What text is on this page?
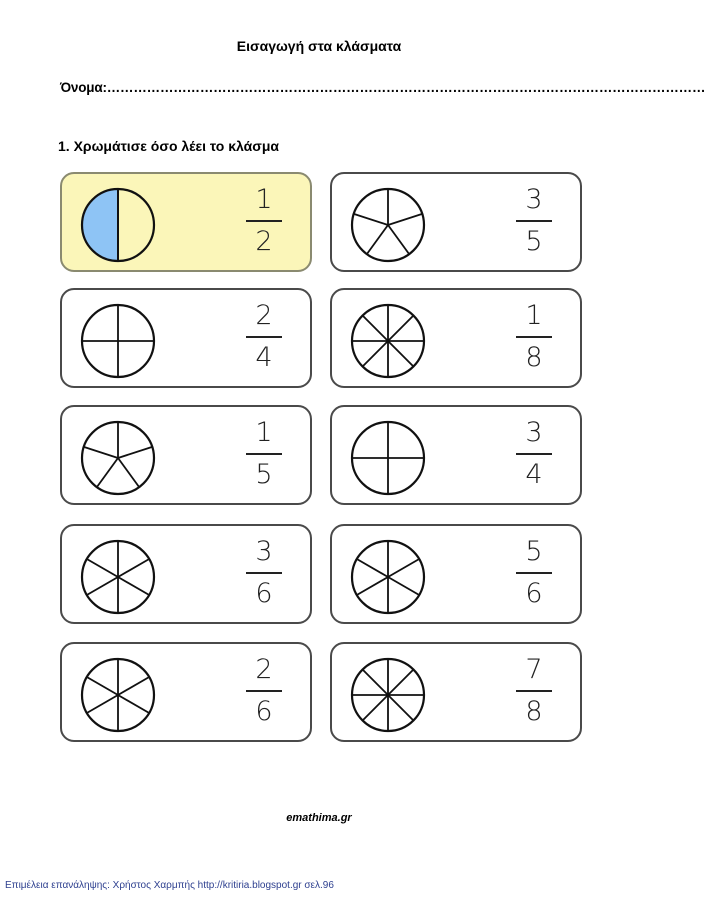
Εισαγωγή στα κλάσματα
Όνομα:………………………………………………………………………………………………………………………
1. Χρωμάτισε όσο λέει το κλάσμα
1
2
3
5
2
4
1
8
1
5
3
4
3
6
5
6
2
6
7
8
emathima.gr
Επιμέλεια επανάληψης: Χρήστος Χαρμπής http://kritiria.blogspot.gr σελ.96
